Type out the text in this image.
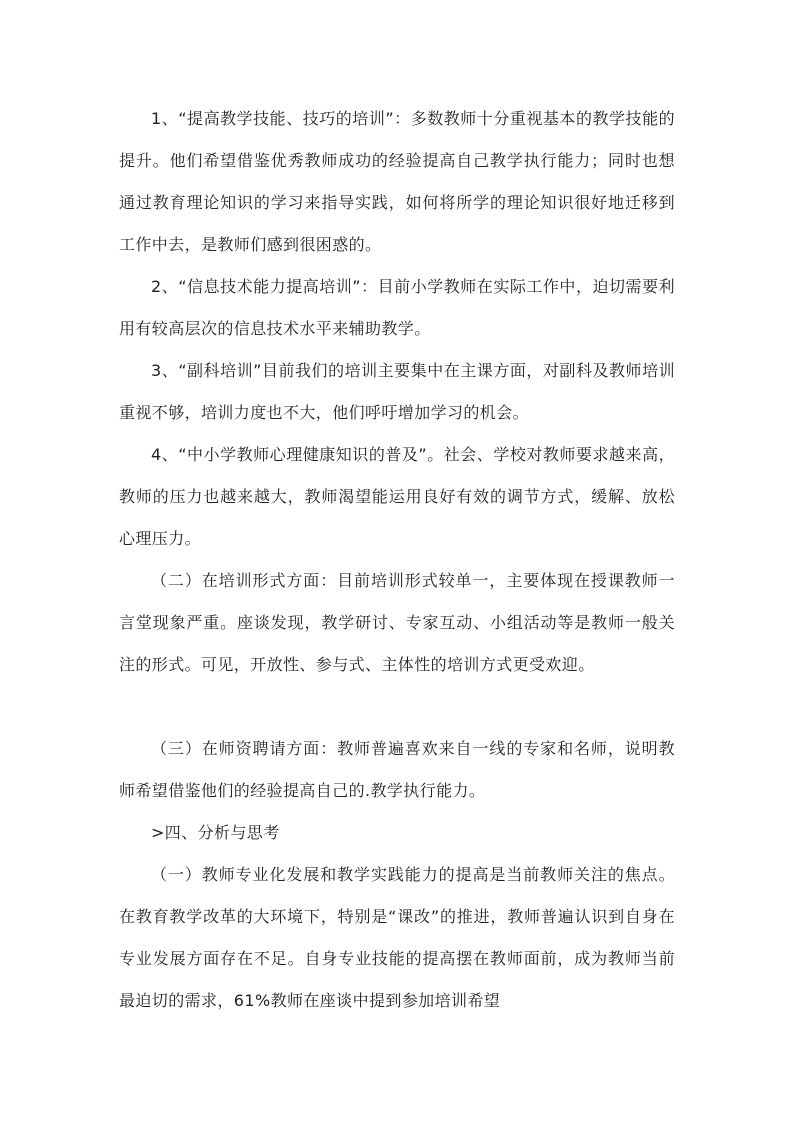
1、“提高教学技能、技巧的培训”：多数教师十分重视基本的教学技能的提升。他们希望借鉴优秀教师成功的经验提高自己教学执行能力；同时也想通过教育理论知识的学习来指导实践，如何将所学的理论知识很好地迁移到工作中去，是教师们感到很困惑的。

2、“信息技术能力提高培训”：目前小学教师在实际工作中，迫切需要利用有较高层次的信息技术水平来辅助教学。

3、“副科培训”目前我们的培训主要集中在主课方面，对副科及教师培训重视不够，培训力度也不大，他们呼吁增加学习的机会。

4、“中小学教师心理健康知识的普及”。社会、学校对教师要求越来高，教师的压力也越来越大，教师渴望能运用良好有效的调节方式，缓解、放松心理压力。

（二）在培训形式方面：目前培训形式较单一，主要体现在授课教师一言堂现象严重。座谈发现，教学研讨、专家互动、小组活动等是教师一般关注的形式。可见，开放性、参与式、主体性的培训方式更受欢迎。

（三）在师资聘请方面：教师普遍喜欢来自一线的专家和名师，说明教师希望借鉴他们的经验提高自己的.教学执行能力。

>四、分析与思考

（一）教师专业化发展和教学实践能力的提高是当前教师关注的焦点。在教育教学改革的大环境下，特别是“课改”的推进，教师普遍认识到自身在专业发展方面存在不足。自身专业技能的提高摆在教师面前，成为教师当前最迫切的需求，61%教师在座谈中提到参加培训希望
